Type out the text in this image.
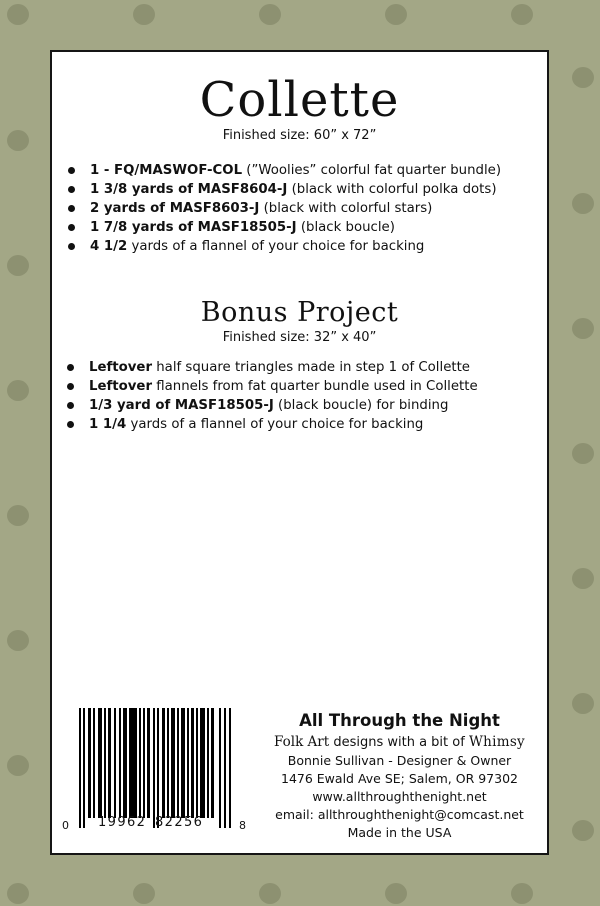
Collette
Finished size: 60” x 72”
1 - FQ/MASWOF-COL (”Woolies” colorful fat quarter bundle)
1 3/8 yards of MASF8604-J (black with colorful polka dots)
2 yards of MASF8603-J (black with colorful stars)
1 7/8 yards of MASF18505-J (black boucle)
4 1/2 yards of a flannel of your choice for backing
Bonus Project
Finished size: 32” x 40”
Leftover half square triangles made in step 1 of Collette
Leftover flannels from fat quarter bundle used in Collette
1/3 yard of MASF18505-J (black boucle) for binding
1 1/4 yards of a flannel of your choice for backing
0 19962 82256	8
All Through the Night
Folk Art designs with a bit of Whimsy
Bonnie Sullivan - Designer & Owner
1476 Ewald Ave SE; Salem, OR 97302
www.allthroughthenight.net
email: allthroughthenight@comcast.net
Made in the USA
